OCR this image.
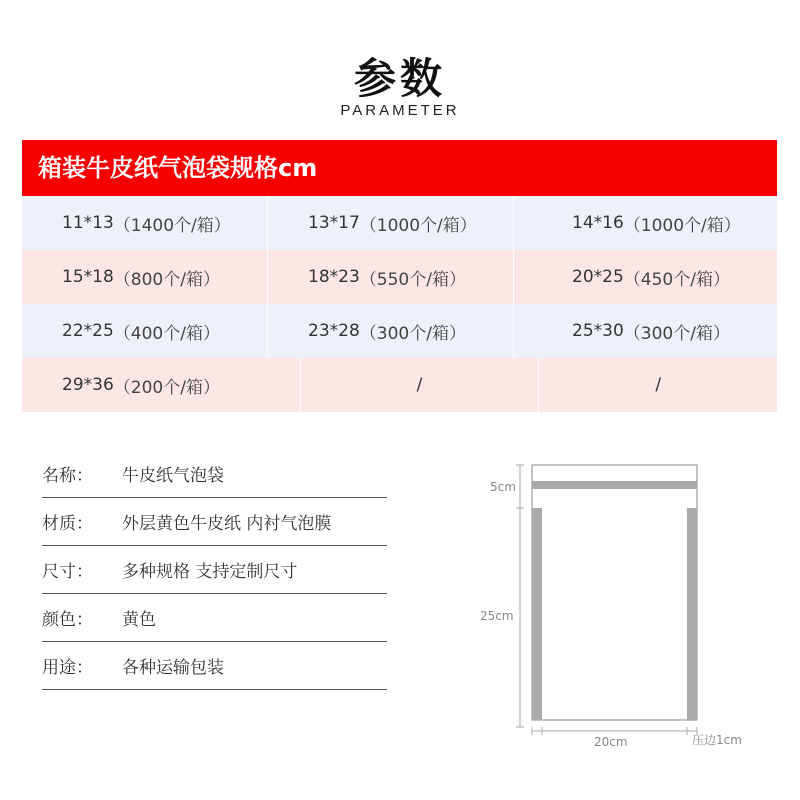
参数
PARAMETER
箱装牛皮纸气泡袋规格cm
11*13 （1400个/箱）	13*17 （1000个/箱）	14*16 （1000个/箱）
15*18 （800个/箱）	18*23 （550个/箱）	20*25 （450个/箱）
22*25 （400个/箱）	23*28 （300个/箱）	25*30 （300个/箱）
29*36 （200个/箱）	/	/
名称：	牛皮纸气泡袋
材质：	外层黄色牛皮纸 内衬气泡膜
尺寸：	多种规格 支持定制尺寸
颜色：	黄色
用途：	各种运输包装
5cm
25cm
20cm	压边1cm
